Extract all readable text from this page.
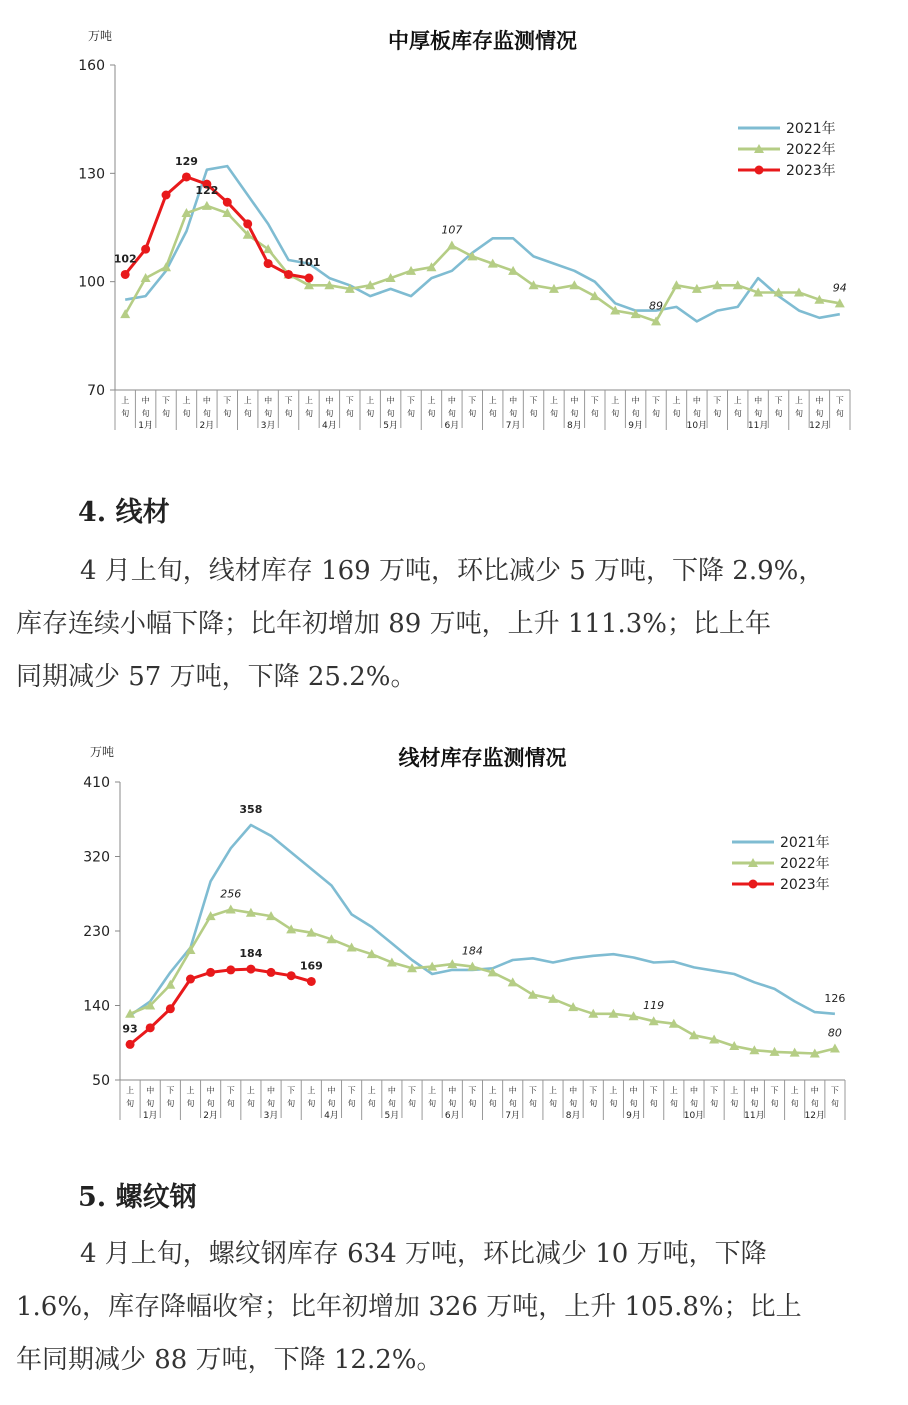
中厚板库存监测情况
万吨
70
100
130
160
上
旬
中
旬
下
旬
上
旬
中
旬
下
旬
上
旬
中
旬
下
旬
上
旬
中
旬
下
旬
上
旬
中
旬
下
旬
上
旬
中
旬
下
旬
上
旬
中
旬
下
旬
上
旬
中
旬
下
旬
上
旬
中
旬
下
旬
上
旬
中
旬
下
旬
上
旬
中
旬
下
旬
上
旬
中
旬
下
旬
1月	2月	3月	4月	5月	6月	7月	8月	9月	10月	11月	12月
102
129
122
101
107
89
94
2021年
2022年
2023年
4. 线材

4 月上旬，线材库存 169 万吨，环比减少 5 万吨，下降 2.9%，

库存连续小幅下降；比年初增加 89 万吨，上升 111.3%；比上年

同期减少 57 万吨，下降 25.2%。

线材库存监测情况
万吨
50
140
230
320
410
上
旬
中
旬
下
旬
上
旬
中
旬
下
旬
上
旬
中
旬
下
旬
上
旬
中
旬
下
旬
上
旬
中
旬
下
旬
上
旬
中
旬
下
旬
上
旬
中
旬
下
旬
上
旬
中
旬
下
旬
上
旬
中
旬
下
旬
上
旬
中
旬
下
旬
上
旬
中
旬
下
旬
上
旬
中
旬
下
旬
1月	2月	3月	4月	5月	6月	7月	8月	9月	10月	11月	12月
93
358
256
184
169
184
119
126
80
2021年
2022年
2023年
5. 螺纹钢

4 月上旬，螺纹钢库存 634 万吨，环比减少 10 万吨，下降

1.6%，库存降幅收窄；比年初增加 326 万吨，上升 105.8%；比上

年同期减少 88 万吨，下降 12.2%。
